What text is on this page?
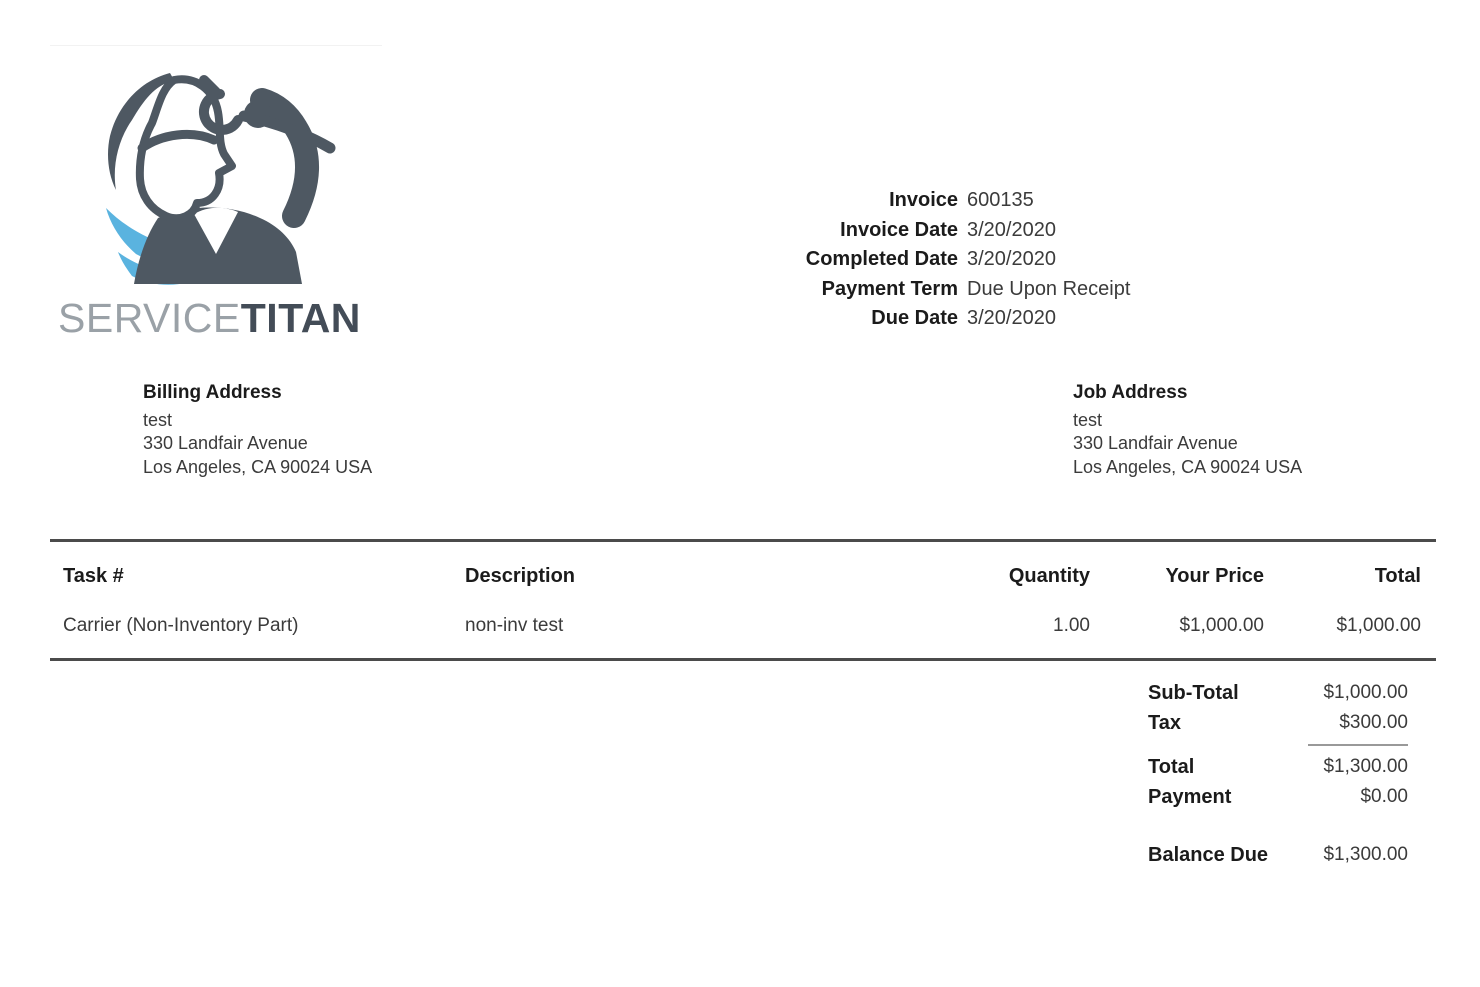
SERVICETITAN
Invoice 600135
Invoice Date 3/20/2020
Completed Date 3/20/2020
Payment Term Due Upon Receipt
Due Date 3/20/2020
Billing Address
test
330 Landfair Avenue
Los Angeles, CA 90024 USA
Job Address
test
330 Landfair Avenue
Los Angeles, CA 90024 USA
Task #	Description	Quantity	Your Price	Total
Carrier (Non-Inventory Part)	non-inv test	1.00	$1,000.00	$1,000.00
Sub-Total	$1,000.00
Tax	$300.00
Total	$1,300.00
Payment	$0.00
Balance Due	$1,300.00
